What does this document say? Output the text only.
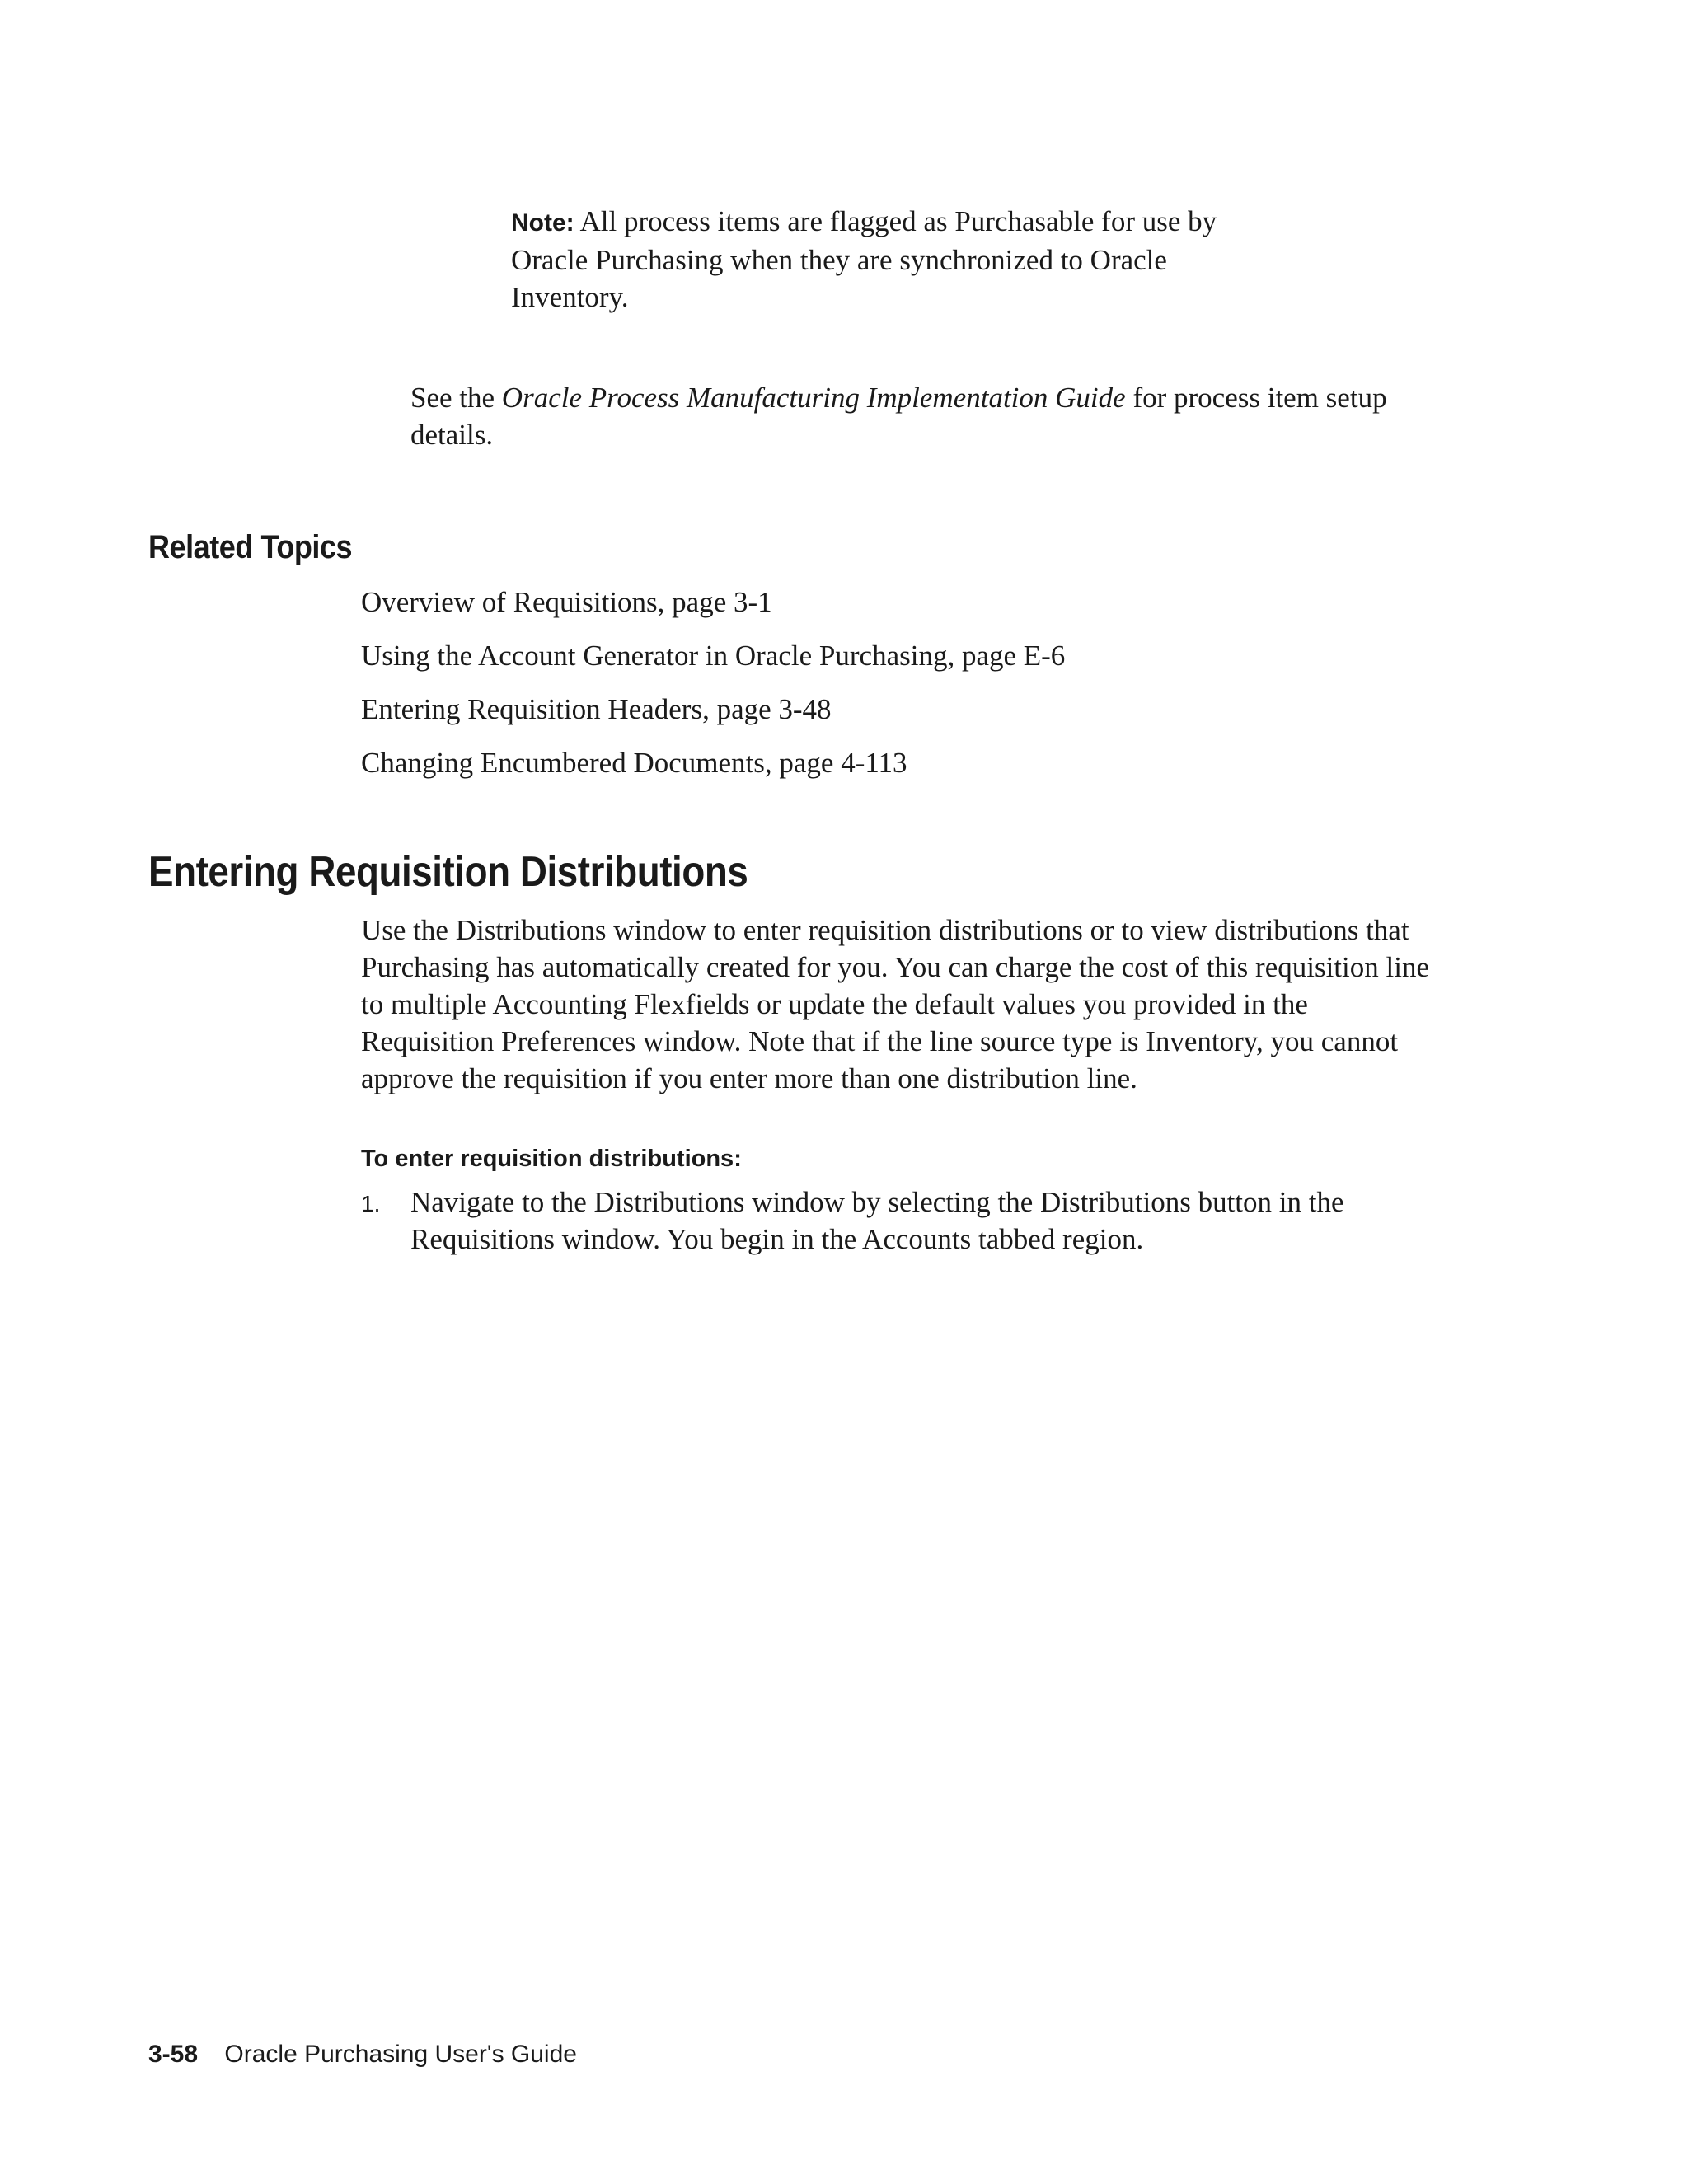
Note: All process items are flagged as Purchasable for use by Oracle Purchasing when they are synchronized to Oracle Inventory.
See the Oracle Process Manufacturing Implementation Guide for process item setup details.
Related Topics
Overview of Requisitions, page 3-1
Using the Account Generator in Oracle Purchasing, page E-6
Entering Requisition Headers, page 3-48
Changing Encumbered Documents, page 4-113
Entering Requisition Distributions
Use the Distributions window to enter requisition distributions or to view distributions that Purchasing has automatically created for you. You can charge the cost of this requisition line to multiple Accounting Flexfields or update the default values you provided in the Requisition Preferences window. Note that if the line source type is Inventory, you cannot approve the requisition if you enter more than one distribution line.
To enter requisition distributions:
1. Navigate to the Distributions window by selecting the Distributions button in the Requisitions window. You begin in the Accounts tabbed region.
3-58 Oracle Purchasing User's Guide
